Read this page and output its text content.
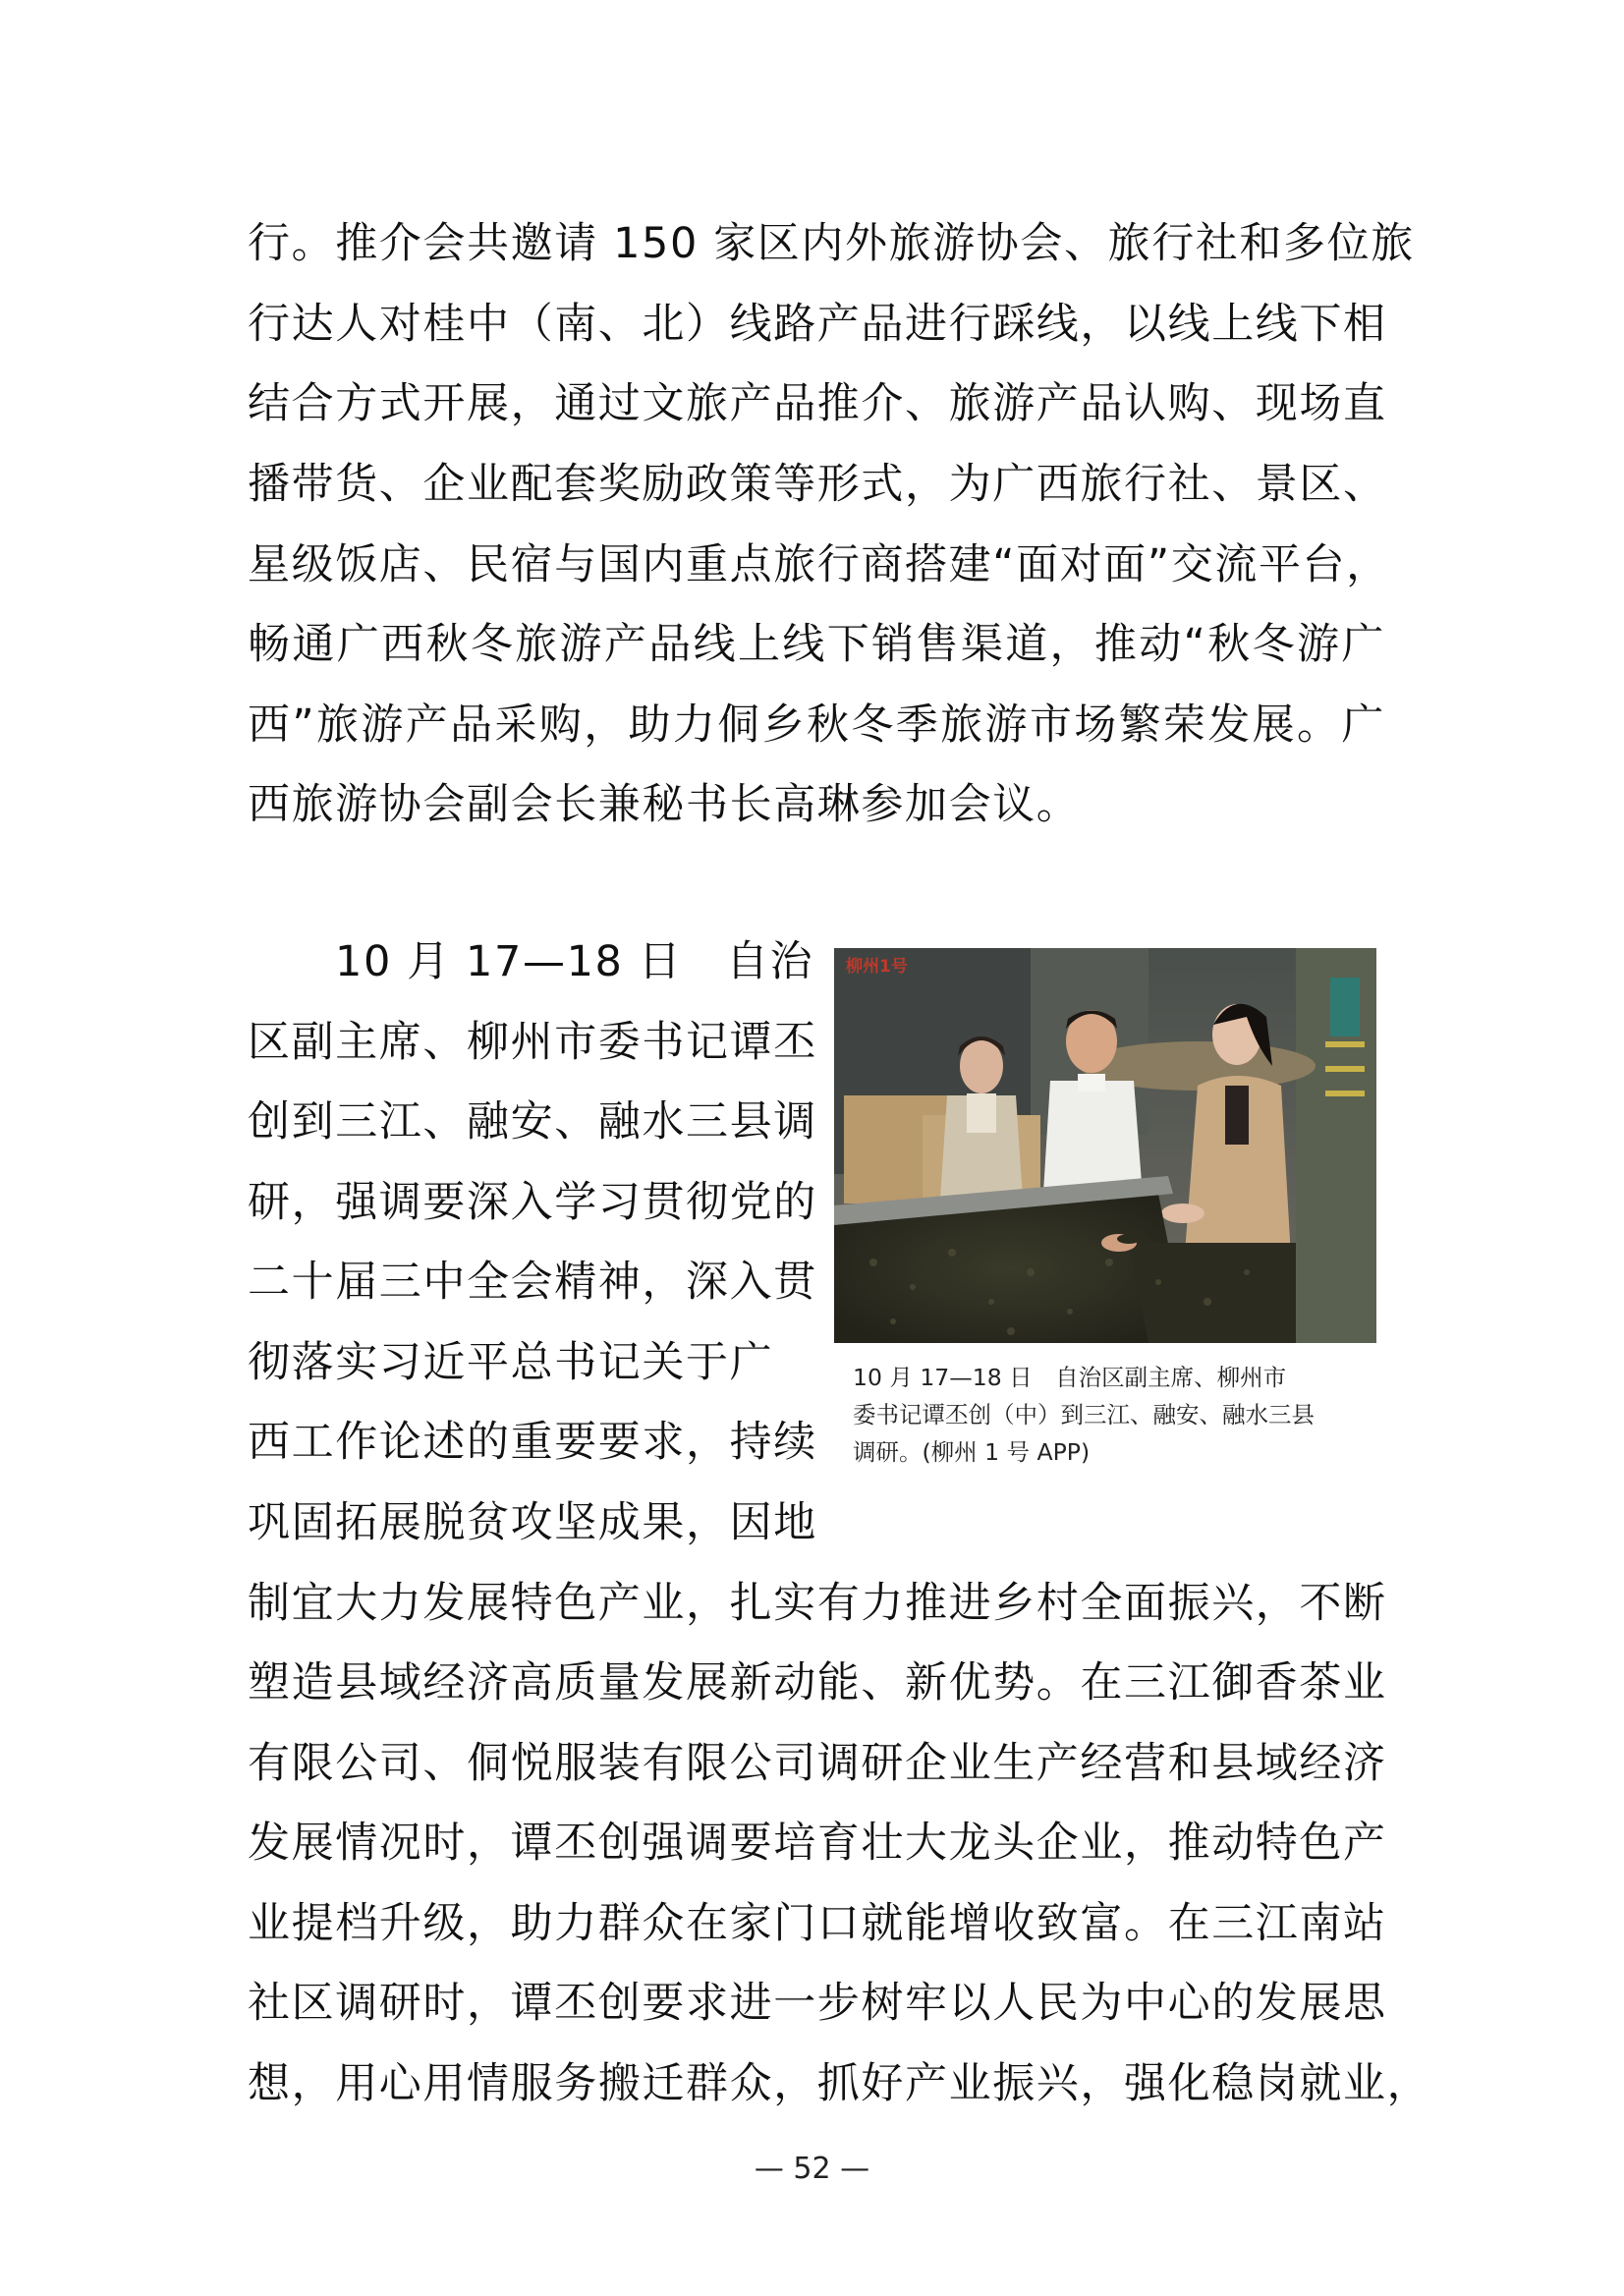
行。推介会共邀请 150 家区内外旅游协会、旅行社和多位旅
行达人对桂中（南、北）线路产品进行踩线，以线上线下相
结合方式开展，通过文旅产品推介、旅游产品认购、现场直
播带货、企业配套奖励政策等形式，为广西旅行社、景区、
星级饭店、民宿与国内重点旅行商搭建“面对面”交流平台，
畅通广西秋冬旅游产品线上线下销售渠道，推动“秋冬游广
西”旅游产品采购，助力侗乡秋冬季旅游市场繁荣发展。广
西旅游协会副会长兼秘书长高琳参加会议。
10 月 17—18 日　自治
区副主席、柳州市委书记谭丕
创到三江、融安、融水三县调
研，强调要深入学习贯彻党的
二十届三中全会精神，深入贯
彻落实习近平总书记关于广
西工作论述的重要要求，持续
巩固拓展脱贫攻坚成果，因地
制宜大力发展特色产业，扎实有力推进乡村全面振兴，不断
塑造县域经济高质量发展新动能、新优势。在三江御香茶业
有限公司、侗悦服装有限公司调研企业生产经营和县域经济
发展情况时，谭丕创强调要培育壮大龙头企业，推动特色产
业提档升级，助力群众在家门口就能增收致富。在三江南站
社区调研时，谭丕创要求进一步树牢以人民为中心的发展思
想，用心用情服务搬迁群众，抓好产业振兴，强化稳岗就业，
柳州1号
10 月 17—18 日　自治区副主席、柳州市
委书记谭丕创（中）到三江、融安、融水三县
调研。(柳州 1 号 APP)
— 52 —
